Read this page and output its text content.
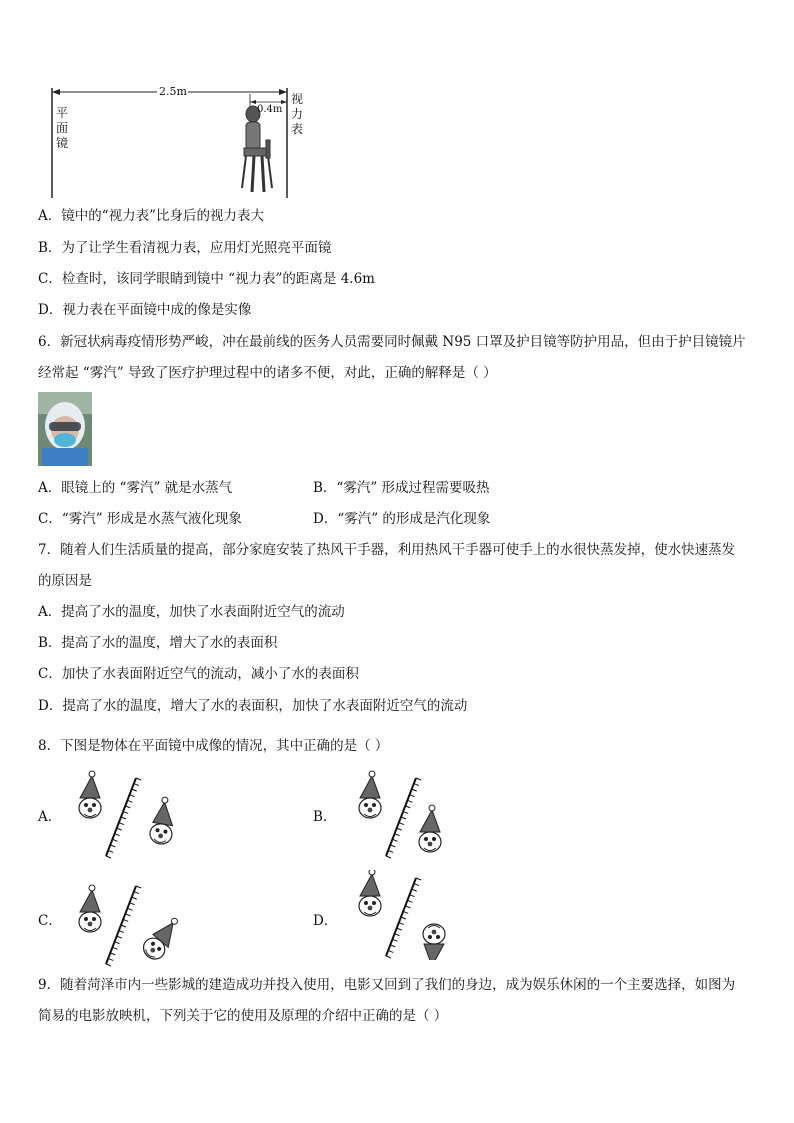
2.5m
0.4m
平
面
镜
视
力
表
A．镜中的“视力表”比身后的视力表大
B．为了让学生看清视力表，应用灯光照亮平面镜
C．检查时，该同学眼睛到镜中 “视力表”的距离是 4.6m
D．视力表在平面镜中成的像是实像
6．新冠状病毒疫情形势严峻，冲在最前线的医务人员需要同时佩戴 N95 口罩及护目镜等防护用品，但由于护目镜镜片
经常起 “雾汽” 导致了医疗护理过程中的诸多不便，对此，正确的解释是（ ）
A．眼镜上的 “雾汽” 就是水蒸气	B．“雾汽” 形成过程需要吸热
C．“雾汽” 形成是水蒸气液化现象	D．“雾汽” 的形成是汽化现象
7．随着人们生活质量的提高，部分家庭安装了热风干手器，利用热风干手器可使手上的水很快蒸发掉，使水快速蒸发
的原因是
A．提高了水的温度，加快了水表面附近空气的流动
B．提高了水的温度，增大了水的表面积
C．加快了水表面附近空气的流动，减小了水的表面积
D．提高了水的温度，增大了水的表面积，加快了水表面附近空气的流动
8．下图是物体在平面镜中成像的情况，其中正确的是（ ）
A．	B．
C．	D．
9．随着菏泽市内一些影城的建造成功并投入使用，电影又回到了我们的身边，成为娱乐休闲的一个主要选择，如图为
简易的电影放映机，下列关于它的使用及原理的介绍中正确的是（ ）
